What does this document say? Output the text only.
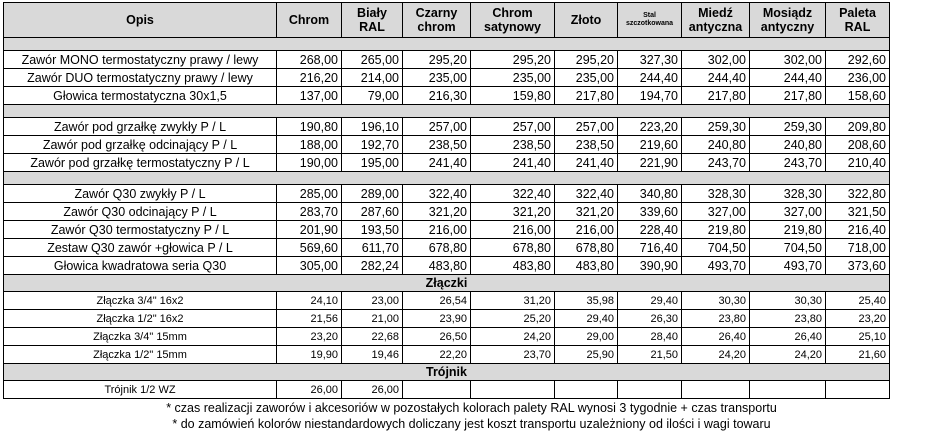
Opis	Chrom	Biały RAL	Czarny chrom	Chrom satynowy	Złoto	Stal szczotkowana	Miedź antyczna	Mosiądz antyczny	Paleta RAL

Zawór MONO termostatyczny prawy / lewy	268,00	265,00	295,20	295,20	295,20	327,30	302,00	302,00	292,60
Zawór DUO termostatyczny prawy / lewy	216,20	214,00	235,00	235,00	235,00	244,40	244,40	244,40	236,00
Głowica termostatyczna 30x1,5	137,00	79,00	216,30	159,80	217,80	194,70	217,80	217,80	158,60

Zawór pod grzałkę zwykły P / L	190,80	196,10	257,00	257,00	257,00	223,20	259,30	259,30	209,80
Zawór pod grzałkę odcinający P / L	188,00	192,70	238,50	238,50	238,50	219,60	240,80	240,80	208,60
Zawór pod grzałkę termostatyczny P / L	190,00	195,00	241,40	241,40	241,40	221,90	243,70	243,70	210,40

Zawór Q30 zwykły P / L	285,00	289,00	322,40	322,40	322,40	340,80	328,30	328,30	322,80
Zawór Q30 odcinający P / L	283,70	287,60	321,20	321,20	321,20	339,60	327,00	327,00	321,50
Zawór Q30 termostatyczny P / L	201,90	193,50	216,00	216,00	216,00	228,40	219,80	219,80	216,40
Zestaw Q30 zawór +głowica P / L	569,60	611,70	678,80	678,80	678,80	716,40	704,50	704,50	718,00
Głowica kwadratowa seria Q30	305,00	282,24	483,80	483,80	483,80	390,90	493,70	493,70	373,60
Złączki									
Złączka 3/4" 16x2	24,10	23,00	26,54	31,20	35,98	29,40	30,30	30,30	25,40
Złączka 1/2" 16x2	21,56	21,00	23,90	25,20	29,40	26,30	23,80	23,80	23,20
Złączka 3/4" 15mm	23,20	22,68	26,50	24,20	29,00	28,40	26,40	26,40	25,10
Złączka 1/2" 15mm	19,90	19,46	22,20	23,70	25,90	21,50	24,20	24,20	21,60
Trójnik									
Trójnik 1/2 WZ	26,00	26,00							
* czas realizacji zaworów i akcesoriów w pozostałych kolorach palety RAL wynosi 3 tygodnie + czas transportu
* do zamówień kolorów niestandardowych doliczany jest koszt transportu uzależniony od ilości i wagi towaru
